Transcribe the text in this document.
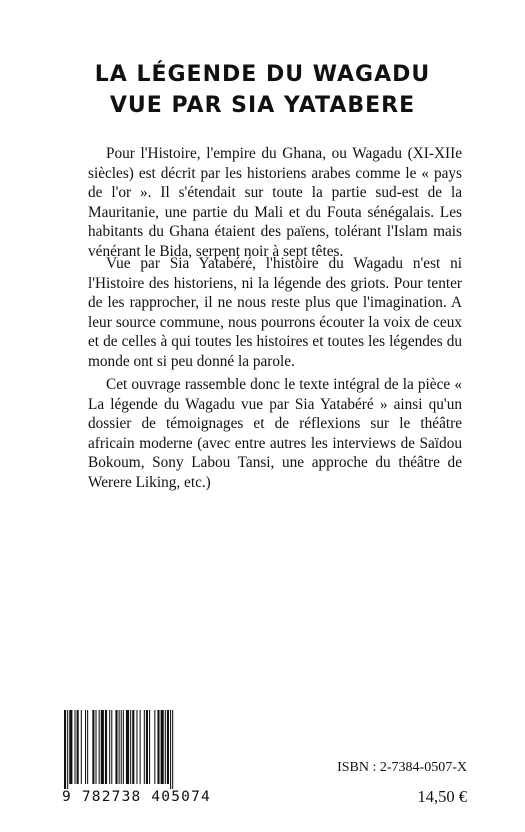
LA LÉGENDE DU WAGADU
VUE PAR SIA YATABERE

Pour l'Histoire, l'empire du Ghana, ou Wagadu (XI-XIIe siècles) est décrit par les historiens arabes comme le « pays de l'or ». Il s'étendait sur toute la partie sud-est de la Mauritanie, une partie du Mali et du Fouta sénégalais. Les habitants du Ghana étaient des païens, tolérant l'Islam mais vénérant le Bida, serpent noir à sept têtes.

Vue par Sia Yatabéré, l'histoire du Wagadu n'est ni l'Histoire des historiens, ni la légende des griots. Pour tenter de les rapprocher, il ne nous reste plus que l'imagination. A leur source commune, nous pourrons écouter la voix de ceux et de celles à qui toutes les histoires et toutes les légendes du monde ont si peu donné la parole.

Cet ouvrage rassemble donc le texte intégral de la pièce « La légende du Wagadu vue par Sia Yatabéré » ainsi qu'un dossier de témoignages et de réflexions sur le théâtre africain moderne (avec entre autres les interviews de Saïdou Bokoum, Sony Labou Tansi, une approche du théâtre de Werere Liking, etc.)

9 782738 405074
ISBN : 2-7384-0507-X
14,50 €
